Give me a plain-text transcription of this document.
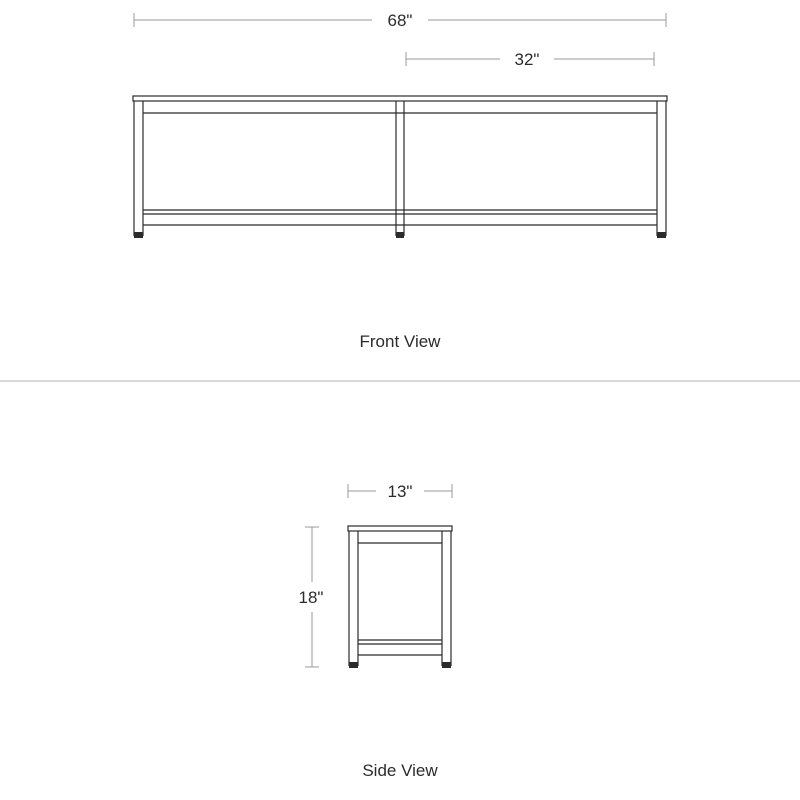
68"
32"
Front View
13"
18"
Side View
